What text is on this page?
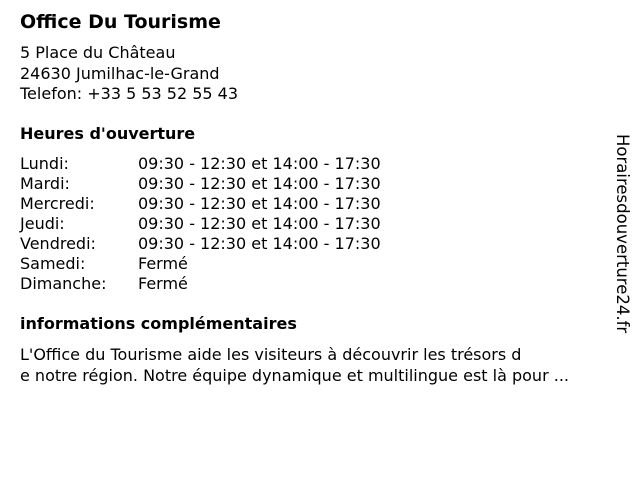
Office Du Tourisme
5 Place du Château
24630 Jumilhac-le-Grand
Telefon: +33 5 53 52 55 43
Heures d'ouverture
Lundi:	09:30 - 12:30 et 14:00 - 17:30
Mardi:	09:30 - 12:30 et 14:00 - 17:30
Mercredi:	09:30 - 12:30 et 14:00 - 17:30
Jeudi:	09:30 - 12:30 et 14:00 - 17:30
Vendredi:	09:30 - 12:30 et 14:00 - 17:30
Samedi:	Fermé
Dimanche:	Fermé
informations complémentaires
L'Office du Tourisme aide les visiteurs à découvrir les trésors d
e notre région. Notre équipe dynamique et multilingue est là pour ...
Horairesdouverture24.fr
